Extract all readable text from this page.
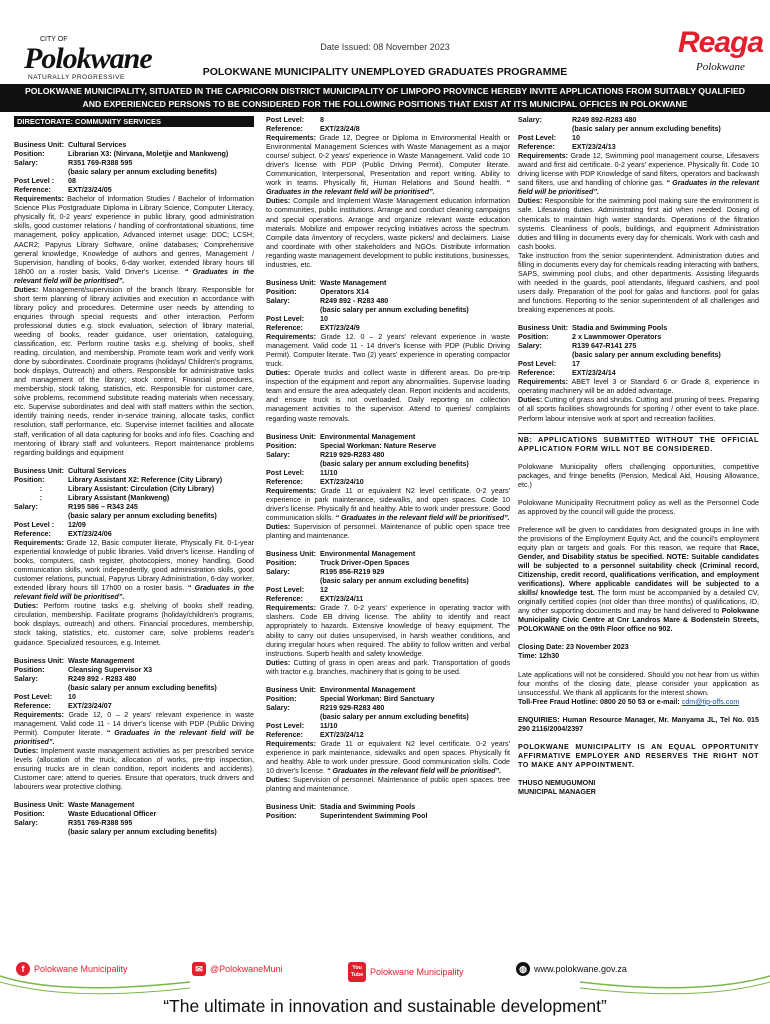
CITY OF
Polokwane
NATURALLY PROGRESSIVE
Date Issued: 08 November 2023	Reaga
Polokwane
POLOKWANE MUNICIPALITY UNEMPLOYED GRADUATES PROGRAMME
POLOKWANE MUNICIPALITY, SITUATED IN THE CAPRICORN DISTRICT MUNICIPALITY OF LIMPOPO PROVINCE HEREBY INVITE APPLICATIONS FROM SUITABLY QUALIFIED
AND EXPERIENCED PERSONS TO BE CONSIDERED FOR THE FOLLOWING POSITIONS THAT EXIST AT ITS MUNICIPAL OFFICES IN POLOKWANE
DIRECTORATE: COMMUNITY SERVICES
Business Unit: Cultural Services
Position:	Librarian X3: (Nirvana, Moletjie and Mankweng)
Salary:	R351 769-R388 595
(basic salary per annum excluding benefits)
Post Level :	08
Reference:	EXT/23/24/05
Requirements: Bachelor of Information Studies / Bachelor of Information Science Plus Postgraduate Diploma in Library Science, Computer Literacy, physically fit, 0-2 years' experience in public library, good administration skills, good customer relations / handling of confrontational situations, time management, policy application, Advanced internet usage: DDC; LCSH; AACR2; Papyrus Library Software, online databases; Comprehensive general knowledge, Knowledge of authors and genres, Management / Supervision, handling of books, 6-day worker, extended library hours till 18h00 on a roster basis, Valid Driver's License. “ Graduates in the relevant field will be prioritised”.
Duties: Management/supervision of the branch library. Responsible for short term planning of library activities and execution in accordance with library policy and procedures. Determine user needs by attending to enquiries through special requests and other interaction. Perform professional duties e.g. stock evaluation, selection of library material, weeding of books, reader guidance, user orientation, cataloguing, classification, etc. Perform routine tasks e.g. shelving of books, shelf reading, circulation, and membership. Promote team work and verify work done by subordinates. Coordinate programs (holidays/ Children's programs, book displays, Outreach) and others. Responsible for administrative tasks and management of the library; stock control, Financial procedures, membership, stock taking, statistics, etc. Responsible for customer care, solve problems, recommend substitute reading materials when necessary, etc. Supervise subordinates and deal with staff matters within the section, identify training needs, render in-service training, allocate tasks, conflict resolution, staff performance, etc. Supervise internet facilities and allocate staff, verification of all data capturing for books and info files. Coaching and mentoring of library staff and volunteers. Report maintenance problems regarding buildings and equipment
Business Unit: Cultural Services
Position:	Library Assistant X2: Reference (City Library)
:	Library Assistant: Circulation (City Library)
:	Library Assistant (Mankweng)
Salary:	R195 586 – R343 245
(basic salary per annum excluding benefits)
Post Level :	12/09
Reference:	EXT/23/24/06
Requirements: Grade 12, Basic computer literate, Physically Fit. 0-1-year experiential knowledge of public libraries. Valid driver's license. Handling of books, computers, cash register, photocopiers, money handling. Good communication skills, work independently, good administration skills, good customer relations, punctual, Papyrus Library Administration, 6-day worker, extended library hours till 17h00 on a roster basis. “ Graduates in the relevant field will be prioritised”.
Duties: Perform routine tasks e.g. shelving of books shelf reading, circulation, membership. Facilitate programs (holiday/children's programs, book displays, outreach) and others. Financial procedures, membership, stock taking, statistics, etc. customer care, solve problems reader's guidance. Specialized resources, e.g. Internet.
Business Unit: Waste Management
Position:	Cleansing Supervisor X3
Salary:	R249 892 - R283 480
(basic salary per annum excluding benefits)
Post Level:	10
Reference:	EXT/23/24/07
Requirements: Grade 12, 0 – 2 years' relevant experience in waste management. Valid code 11 - 14 driver's license with PDP (Public Driving Permit). Computer literate. “ Graduates in the relevant field will be prioritised”.
Duties: Implement waste management activities as per prescribed service levels (allocation of the truck, allocation of works, pre-trip inspection, ensuring trucks are in clean condition, report incidents and accidents). Customer care: attend to queries. Ensure that operators, truck drivers and labourers wear protective clothing.
Business Unit: Waste Management
Position:	Waste Educational Officer
Salary:	R351 769-R388 595
(basic salary per annum excluding benefits)
Post Level:	8
Reference:	EXT/23/24/8
Requirements: Grade 12, Degree or Diploma in Environmental Health or Environmental Management Sciences with Waste Management as a major course/ subject. 0-2 years' experience in Waste Management. Valid code 10 driver's license with PDP (Public Driving Permit). Computer literate. Communication, Interpersonal, Presentation and report writing. Ability to work in teams. Physically fit, Human Relations and Sound health. “ Graduates in the relevant field will be prioritised”.
Duties: Compile and Implement Waste Management education information to communities, public institutions. Arrange and conduct cleaning campaigns and special operations. Arrange and organize relevant waste education materials. Mobilize and empower recycling initiatives across the spectrum. Compile data /inventory of recyclers, waste pickers/ and declaimers. Liaise and coordinate with other stakeholders and NGOs. Distribute information regarding waste management development to public institutions, businesses, industries, etc.
Business Unit: Waste Management
Position:	Operators X14
Salary:	R249 892 - R283 480
(basic salary per annum excluding benefits)
Post Level:	10
Reference:	EXT/23/24/9
Requirements: Grade 12. 0 – 2 years' relevant experience in waste management. Valid code 11 - 14 driver's license with PDP (Public Driving Permit). Computer literate. Two (2) years' experience in operating compactor truck.
Duties: Operate trucks and collect waste in different areas. Do pre-trip inspection of the equipment and report any abnormalities. Supervise loading team and ensure the area adequately clean. Report incidents and accidents, and ensure truck is not overloaded. Daily reporting on collection management activities to the supervisor. Attend to queries/ complaints regarding waste removals.
Business Unit: Environmental Management
Position:	Special Workman: Nature Reserve
Salary:	R219 929-R283 480
(basic salary per annum excluding benefits)
Post Level:	11/10
Reference:	EXT/23/24/10
Requirements: Grade 11 or equivalent N2 level certificate. 0-2 years' experience in park maintenance, sidewalks, and open spaces. Code 10 driver's license. Physically fit and healthy. Able to work under pressure. Good communication skills. “ Graduates in the relevant field will be prioritised”.
Duties: Supervision of personnel. Maintenance of public open space tree planting and maintenance.
Business Unit: Environmental Management
Position:	Truck Driver-Open Spaces
Salary:	R195 856-R219 929
(basic salary per annum excluding benefits)
Post Level:	12
Reference:	EXT/23/24/11
Requirements: Grade 7. 0-2 years' experience in operating tractor with slashers. Code EB driving license. The ability to identify and react appropriately to hazards. Extensive knowledge of heavy equipment. The ability to carry out duties unsupervised, in harsh weather conditions, and during irregular hours when required. The ability to follow written and verbal instructions. Superb health and safety knowledge.
Duties: Cutting of grass in open areas and park. Transportation of goods with tractor e.g. branches, machinery that is going to be used.
Business Unit: Environmental Management
Position:	Special Workman: Bird Sanctuary
Salary:	R219 929-R283 480
(basic salary per annum excluding benefits)
Post Level:	11/10
Reference:	EXT/23/24/12
Requirements: Grade 11 or equivalent N2 level certificate. 0-2 years' experience in park maintenance, sidewalks and open spaces. Physically fit and healthy. Able to work under pressure. Good communication skills. Code 10 driver's license. “ Graduates in the relevant field will be prioritised”.
Duties: Supervision of personnel. Maintenance of public open spaces. tree planting and maintenance.
Business Unit: Stadia and Swimming Pools
Position:	Superintendent Swimming Pool
Salary:	R249 892-R283 480
(basic salary per annum excluding benefits)
Post Level:	10
Reference:	EXT/23/24/13
Requirements: Grade 12, Swimming pool management course, Lifesavers award and first aid certificate. 0-2 years' experience. Physically fit. Code 10 driving license with PDP Knowledge of sand filters, operators and backwash sand filters, use and handling of chlorine gas. “ Graduates in the relevant field will be prioritised”.
Duties: Responsible for the swimming pool making sure the environment is safe. Lifesaving duties. Administrating first aid when needed. Dosing of chemicals to maintain high water standards. Operations of the filtration systems. Cleanliness of pools, buildings, and equipment Administration duties and filling in documents every day for chemicals. Work with cash and cash books.
Take instruction from the senior superintendent. Administration duties and filling in documents every day for chemicals reading interacting with bathers, SAPS, swimming pool clubs, and other departments. Assisting lifeguards with needed in the guards, pool attendants, lifeguard cashiers, and pool users daily. Preparation of the pool for galas and functions. pool for galas and functions. Reporting to the senior superintendent of all challenges and breaking experiences at pools.
Business Unit: Stadia and Swimming Pools
Position:	2 x Lawnmower Operators
Salary:	R139 647-R141 275
(basic salary per annum excluding benefits)
Post Level:	17
Reference:	EXT/23/24/14
Requirements: ABET level 3 or Standard 6 or Grade 8, experience in operating machinery will be an added advantage.
Duties: Cutting of grass and shrubs. Cutting and pruning of trees. Preparing of all sports facilities showgrounds for sporting / other event to take place. Perform labour intensive work at sport and recreation facilities.
NB: APPLICATIONS SUBMITTED WITHOUT THE OFFICIAL APPLICATION FORM WILL NOT BE CONSIDERED.
Polokwane Municipality offers challenging opportunities, competitive packages, and fringe benefits (Pension, Medical Aid, Housing Allowance, etc.)
Polokwane Municipality Recruitment policy as well as the Personnel Code as approved by the council will guide the process.
Preference will be given to candidates from designated groups in line with the provisions of the Employment Equity Act, and the council's employment equity plan or targets and goals. For this reason, we require that Race, Gender, and Disability status be specified. NOTE: Suitable candidates will be subjected to a personnel suitability check (Criminal record, Citizenship, credit record, qualifications verification, and employment verifications). Where applicable candidates will be subjected to a skills/ knowledge test. The form must be accompanied by a detailed CV, originally certified copies (not older than three months) of qualifications, ID, any other supporting documents and may be hand delivered to Polokwane Municipality Civic Centre at Cnr Landros Mare & Bodenstein Streets, POLOKWANE on the 09th Floor office no 902.
Closing Date: 23 November 2023
Time: 12h30
Late applications will not be considered. Should you not hear from us within four months of the closing date, please consider your application as unsuccessful. We thank all applicants for the interest shown.
Toll-Free Fraud Hotline: 0800 20 50 53 or e-mail: cdm@tip-offs.com
ENQUIRIES: Human Resource Manager, Mr. Manyama JL, Tel No. 015 290 2116/2004/2397
POLOKWANE MUNICIPALITY IS AN EQUAL OPPORTUNITY AFFIRMATIVE EMPLOYER AND RESERVES THE RIGHT NOT TO MAKE ANY APPOINTMENT.
THUSO NEMUGUMONI
MUNICIPAL MANAGER
f	Polokwane Municipality	✉ @PolokwaneMuni	You Tube Polokwane Municipality	◍ www.polokwane.gov.za
“The ultimate in innovation and sustainable development”
